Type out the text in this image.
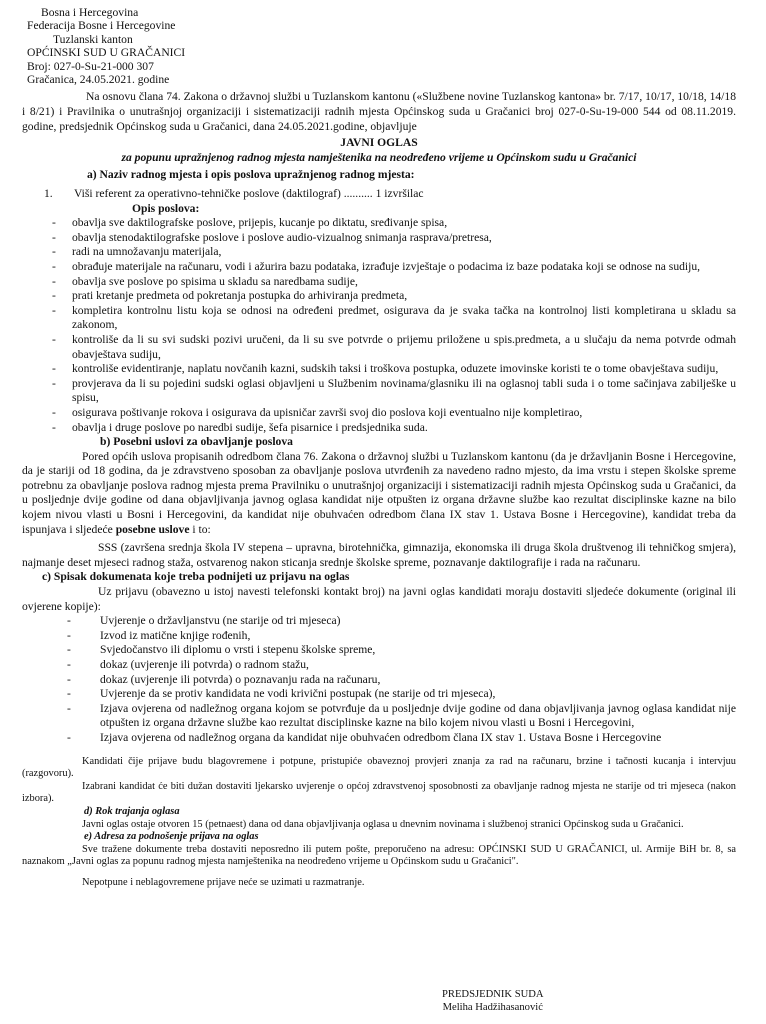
Bosna i Hercegovina
Federacija Bosne i Hercegovine
Tuzlanski kanton
OPĆINSKI SUD U GRAČANICI
Broj: 027-0-Su-21-000 307
Gračanica, 24.05.2021. godine
Na osnovu člana 74. Zakona o državnoj službi u Tuzlanskom kantonu («Službene novine Tuzlanskog kantona» br. 7/17, 10/17, 10/18, 14/18 i 8/21) i Pravilnika o unutrašnjoj organizaciji i sistematizaciji radnih mjesta Općinskog suda u Gračanici broj 027-0-Su-19-000 544 od 08.11.2019. godine, predsjednik Općinskog suda u Gračanici, dana 24.05.2021.godine, objavljuje
JAVNI OGLAS
za popunu upražnjenog radnog mjesta namještenika na neodređeno vrijeme u Općinskom sudu u Gračanici
a) Naziv radnog mjesta i opis poslova upražnjenog radnog mjesta:
1.	Viši referent za operativno-tehničke poslove (daktilograf) .......... 1 izvršilac
Opis poslova:
-	obavlja sve daktilografske poslove, prijepis, kucanje po diktatu, sređivanje spisa,
-	obavlja stenodaktilografske poslove i poslove audio-vizualnog snimanja rasprava/pretresa,
-	radi na umnožavanju materijala,
-	obrađuje materijale na računaru, vodi i ažurira bazu podataka, izrađuje izvještaje o podacima iz baze podataka koji se odnose na sudiju,
-	obavlja sve poslove po spisima u skladu sa naredbama sudije,
-	prati kretanje predmeta od pokretanja postupka do arhiviranja predmeta,
-	kompletira kontrolnu listu koja se odnosi na određeni predmet, osigurava da je svaka tačka na kontrolnoj listi kompletirana u skladu sa zakonom,
-	kontroliše da li su svi sudski pozivi uručeni, da li su sve potvrde o prijemu priložene u spis.predmeta, a u slučaju da nema potvrde odmah obavještava sudiju,
-	kontroliše evidentiranje, naplatu novčanih kazni, sudskih taksi i troškova postupka, oduzete imovinske koristi te o tome obavještava sudiju,
-	provjerava da li su pojedini sudski oglasi objavljeni u Službenim novinama/glasniku ili na oglasnoj tabli suda i o tome sačinjava zabilješke u spisu,
-	osigurava poštivanje rokova i osigurava da upisničar završi svoj dio poslova koji eventualno nije kompletirao,
-	obavlja i druge poslove po naredbi sudije, šefa pisarnice i predsjednika suda.
b) Posebni uslovi za obavljanje poslova
Pored općih uslova propisanih odredbom člana 76. Zakona o državnoj službi u Tuzlanskom kantonu (da je državljanin Bosne i Hercegovine, da je stariji od 18 godina, da je zdravstveno sposoban za obavljanje poslova utvrđenih za navedeno radno mjesto, da ima vrstu i stepen školske spreme potrebnu za obavljanje poslova radnog mjesta prema Pravilniku o unutrašnjoj organizaciji i sistematizaciji radnih mjesta Općinskog suda u Gračanici, da u posljednje dvije godine od dana objavljivanja javnog oglasa kandidat nije otpušten iz organa državne službe kao rezultat disciplinske kazne na bilo kojem nivou vlasti u Bosni i Hercegovini, da kandidat nije obuhvaćen odredbom člana IX stav 1. Ustava Bosne i Hercegovine), kandidat treba da ispunjava i sljedeće posebne uslove i to:
SSS (završena srednja škola IV stepena – upravna, birotehnička, gimnazija, ekonomska ili druga škola društvenog ili tehničkog smjera), najmanje deset mjeseci radnog staža, ostvarenog nakon sticanja srednje školske spreme, poznavanje daktilografije i rada na računaru.
c) Spisak dokumenata koje treba podnijeti uz prijavu na oglas
Uz prijavu (obavezno u istoj navesti telefonski kontakt broj) na javni oglas kandidati moraju dostaviti sljedeće dokumente (original ili ovjerene kopije):
-	Uvjerenje o državljanstvu (ne starije od tri mjeseca)
-	Izvod iz matične knjige rođenih,
-	Svjedočanstvo ili diplomu o vrsti i stepenu školske spreme,
-	dokaz (uvjerenje ili potvrda) o radnom stažu,
-	dokaz (uvjerenje ili potvrda) o poznavanju rada na računaru,
-	Uvjerenje da se protiv kandidata ne vodi krivični postupak (ne starije od tri mjeseca),
-	Izjava ovjerena od nadležnog organa kojom se potvrđuje da u posljednje dvije godine od dana objavljivanja javnog oglasa kandidat nije otpušten iz organa državne službe kao rezultat disciplinske kazne na bilo kojem nivou vlasti u Bosni i Hercegovini,
-	Izjava ovjerena od nadležnog organa da kandidat nije obuhvaćen odredbom člana IX stav 1. Ustava Bosne i Hercegovine
Kandidati čije prijave budu blagovremene i potpune, pristupiće obaveznoj provjeri znanja za rad na računaru, brzine i tačnosti kucanja i intervjuu (razgovoru).
Izabrani kandidat će biti dužan dostaviti ljekarsko uvjerenje o općoj zdravstvenoj sposobnosti za obavljanje radnog mjesta ne starije od tri mjeseca (nakon izbora).
d) Rok trajanja oglasa
Javni oglas ostaje otvoren 15 (petnaest) dana od dana objavljivanja oglasa u dnevnim novinama i službenoj stranici Općinskog suda u Gračanici.
e) Adresa za podnošenje prijava na oglas
Sve tražene dokumente treba dostaviti neposredno ili putem pošte, preporučeno na adresu: OPĆINSKI SUD U GRAČANICI, ul. Armije BiH br. 8, sa naznakom „Javni oglas za popunu radnog mjesta namještenika na neodređeno vrijeme u Općinskom sudu u Gračanici".
Nepotpune i neblagovremene prijave neće se uzimati u razmatranje.
PREDSJEDNIK SUDA
Meliha Hadžihasanović
